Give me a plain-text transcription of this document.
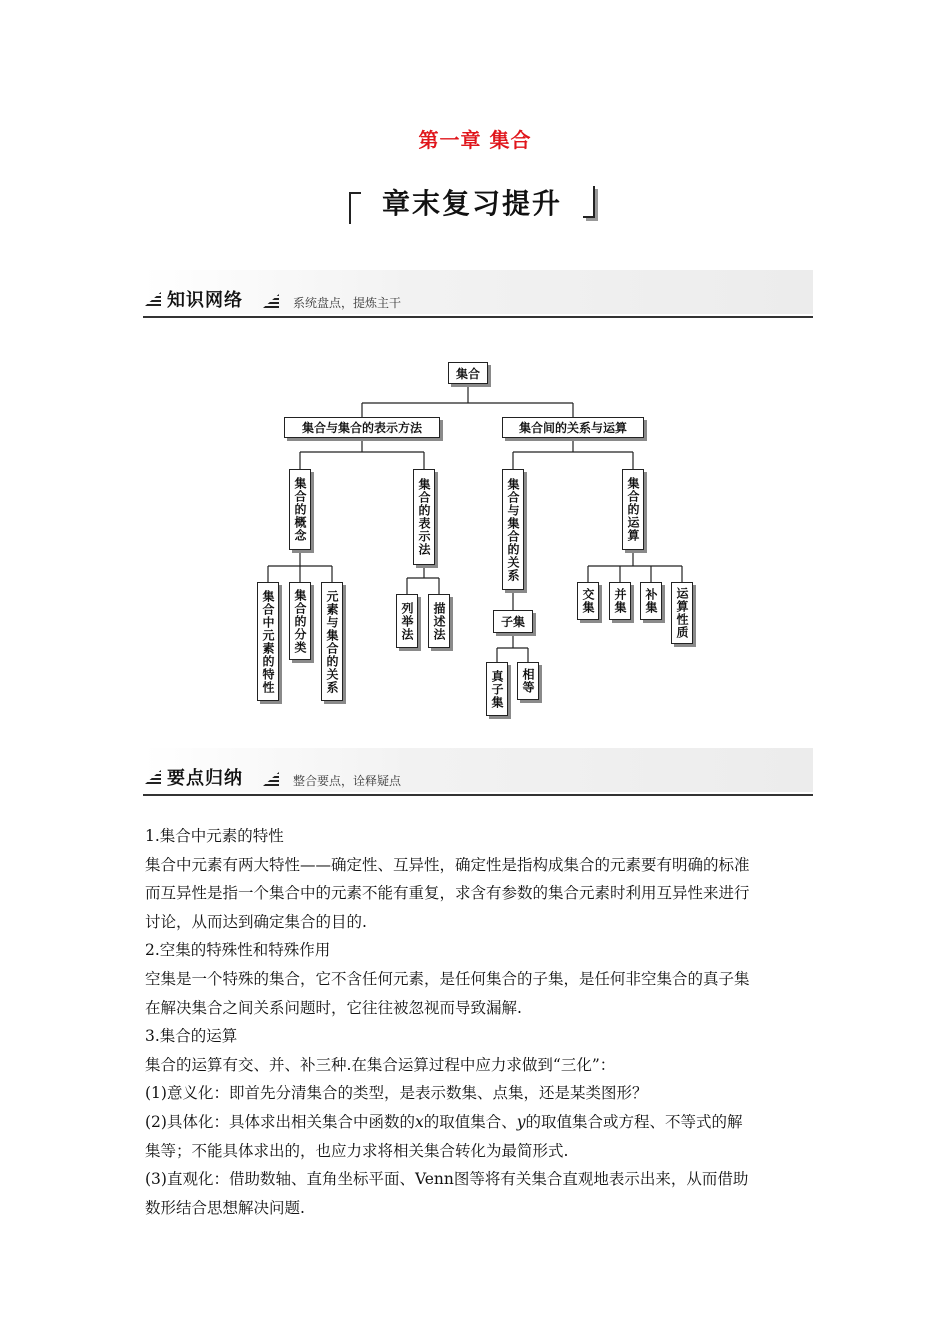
第一章 集合
章末复习提升
知识网络	系统盘点，提炼主干
集合
集合与集合的表示方法	集合间的关系与运算
集合的概念	集合的表示法	集合与集合的关系	集合的运算
集合中元素的特性	集合的分类	元素与集合的关系	列举法	描述法	子集
真子集	相等
交集	并集	补集	运算性质
要点归纳	整合要点，诠释疑点

1.集合中元素的特性

集合中元素有两大特性——确定性、互异性，确定性是指构成集合的元素要有明确的标准

而互异性是指一个集合中的元素不能有重复，求含有参数的集合元素时利用互异性来进行

讨论，从而达到确定集合的目的.

2.空集的特殊性和特殊作用

空集是一个特殊的集合，它不含任何元素，是任何集合的子集，是任何非空集合的真子集

在解决集合之间关系问题时，它往往被忽视而导致漏解.

3.集合的运算

集合的运算有交、并、补三种.在集合运算过程中应力求做到“三化”：

(1)意义化：即首先分清集合的类型，是表示数集、点集，还是某类图形？

(2)具体化：具体求出相关集合中函数的x的取值集合、y的取值集合或方程、不等式的解

集等；不能具体求出的，也应力求将相关集合转化为最简形式.

(3)直观化：借助数轴、直角坐标平面、Venn图等将有关集合直观地表示出来，从而借助

数形结合思想解决问题.
